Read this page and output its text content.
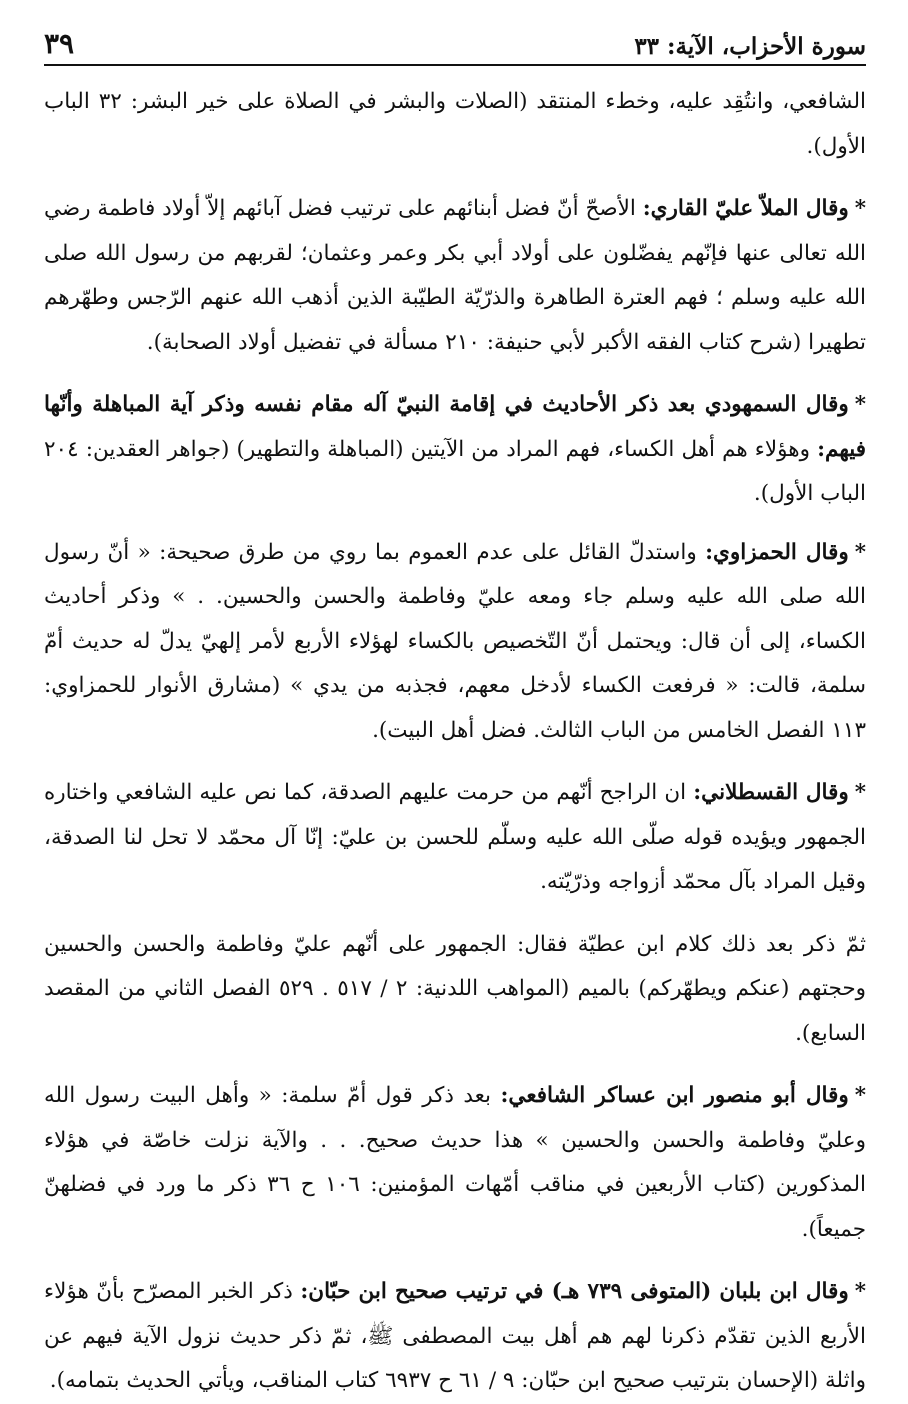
سورة الأحزاب، الآية: ٣٣
٣٩

الشافعي، وانتُقِد عليه، وخطء المنتقد (الصلات والبشر في الصلاة على خير البشر: ٣٢ الباب الأول).

*وقال الملاّ عليّ القاري: الأصحّ أنّ فضل أبنائهم على ترتيب فضل آبائهم إلاّ أولاد فاطمة رضي الله تعالى عنها فإنّهم يفضّلون على أولاد أبي بكر وعمر وعثمان؛ لقربهم من رسول الله صلى الله عليه وسلم ؛ فهم العترة الطاهرة والذرّيّة الطيّبة الذين أذهب الله عنهم الرّجس وطهّرهم تطهيرا (شرح كتاب الفقه الأكبر لأبي حنيفة: ٢١٠ مسألة في تفضيل أولاد الصحابة).

*وقال السمهودي بعد ذكر الأحاديث في إقامة النبيّ آله مقام نفسه وذكر آية المباهلة وأنّها فيهم: وهؤلاء هم أهل الكساء، فهم المراد من الآيتين (المباهلة والتطهير) (جواهر العقدين: ٢٠٤ الباب الأول).

*وقال الحمزاوي: واستدلّ القائل على عدم العموم بما روي من طرق صحيحة: « أنّ رسول الله صلى الله عليه وسلم جاء ومعه عليّ وفاطمة والحسن والحسين. . » وذكر أحاديث الكساء، إلى أن قال: ويحتمل أنّ التّخصيص بالكساء لهؤلاء الأربع لأمر إلهيّ يدلّ له حديث أمّ سلمة، قالت: « فرفعت الكساء لأدخل معهم، فجذبه من يدي » (مشارق الأنوار للحمزاوي: ١١٣ الفصل الخامس من الباب الثالث. فضل أهل البيت).

*وقال القسطلاني: ان الراجح أنّهم من حرمت عليهم الصدقة، كما نص عليه الشافعي واختاره الجمهور ويؤيده قوله صلّى الله عليه وسلّم للحسن بن عليّ: إنّا آل محمّد لا تحل لنا الصدقة، وقيل المراد بآل محمّد أزواجه وذرّيّته.

ثمّ ذكر بعد ذلك كلام ابن عطيّة فقال: الجمهور على أنّهم عليّ وفاطمة والحسن والحسين وحجتهم (عنكم ويطهّركم) بالميم (المواهب اللدنية: ٢ / ٥١٧ . ٥٢٩ الفصل الثاني من المقصد السابع).

*وقال أبو منصور ابن عساكر الشافعي: بعد ذكر قول أمّ سلمة: « وأهل البيت رسول الله وعليّ وفاطمة والحسن والحسين » هذا حديث صحيح. . . والآية نزلت خاصّة في هؤلاء المذكورين (كتاب الأربعين في مناقب أمّهات المؤمنين: ١٠٦ ح ٣٦ ذكر ما ورد في فضلهنّ جميعاً).

*وقال ابن بلبان (المتوفى ٧٣٩ هـ) في ترتيب صحيح ابن حبّان: ذكر الخبر المصرّح بأنّ هؤلاء الأربع الذين تقدّم ذكرنا لهم هم أهل بيت المصطفى ﷺ، ثمّ ذكر حديث نزول الآية فيهم عن واثلة (الإحسان بترتيب صحيح ابن حبّان: ٩ / ٦١ ح ٦٩٣٧ كتاب المناقب، ويأتي الحديث بتمامه).
